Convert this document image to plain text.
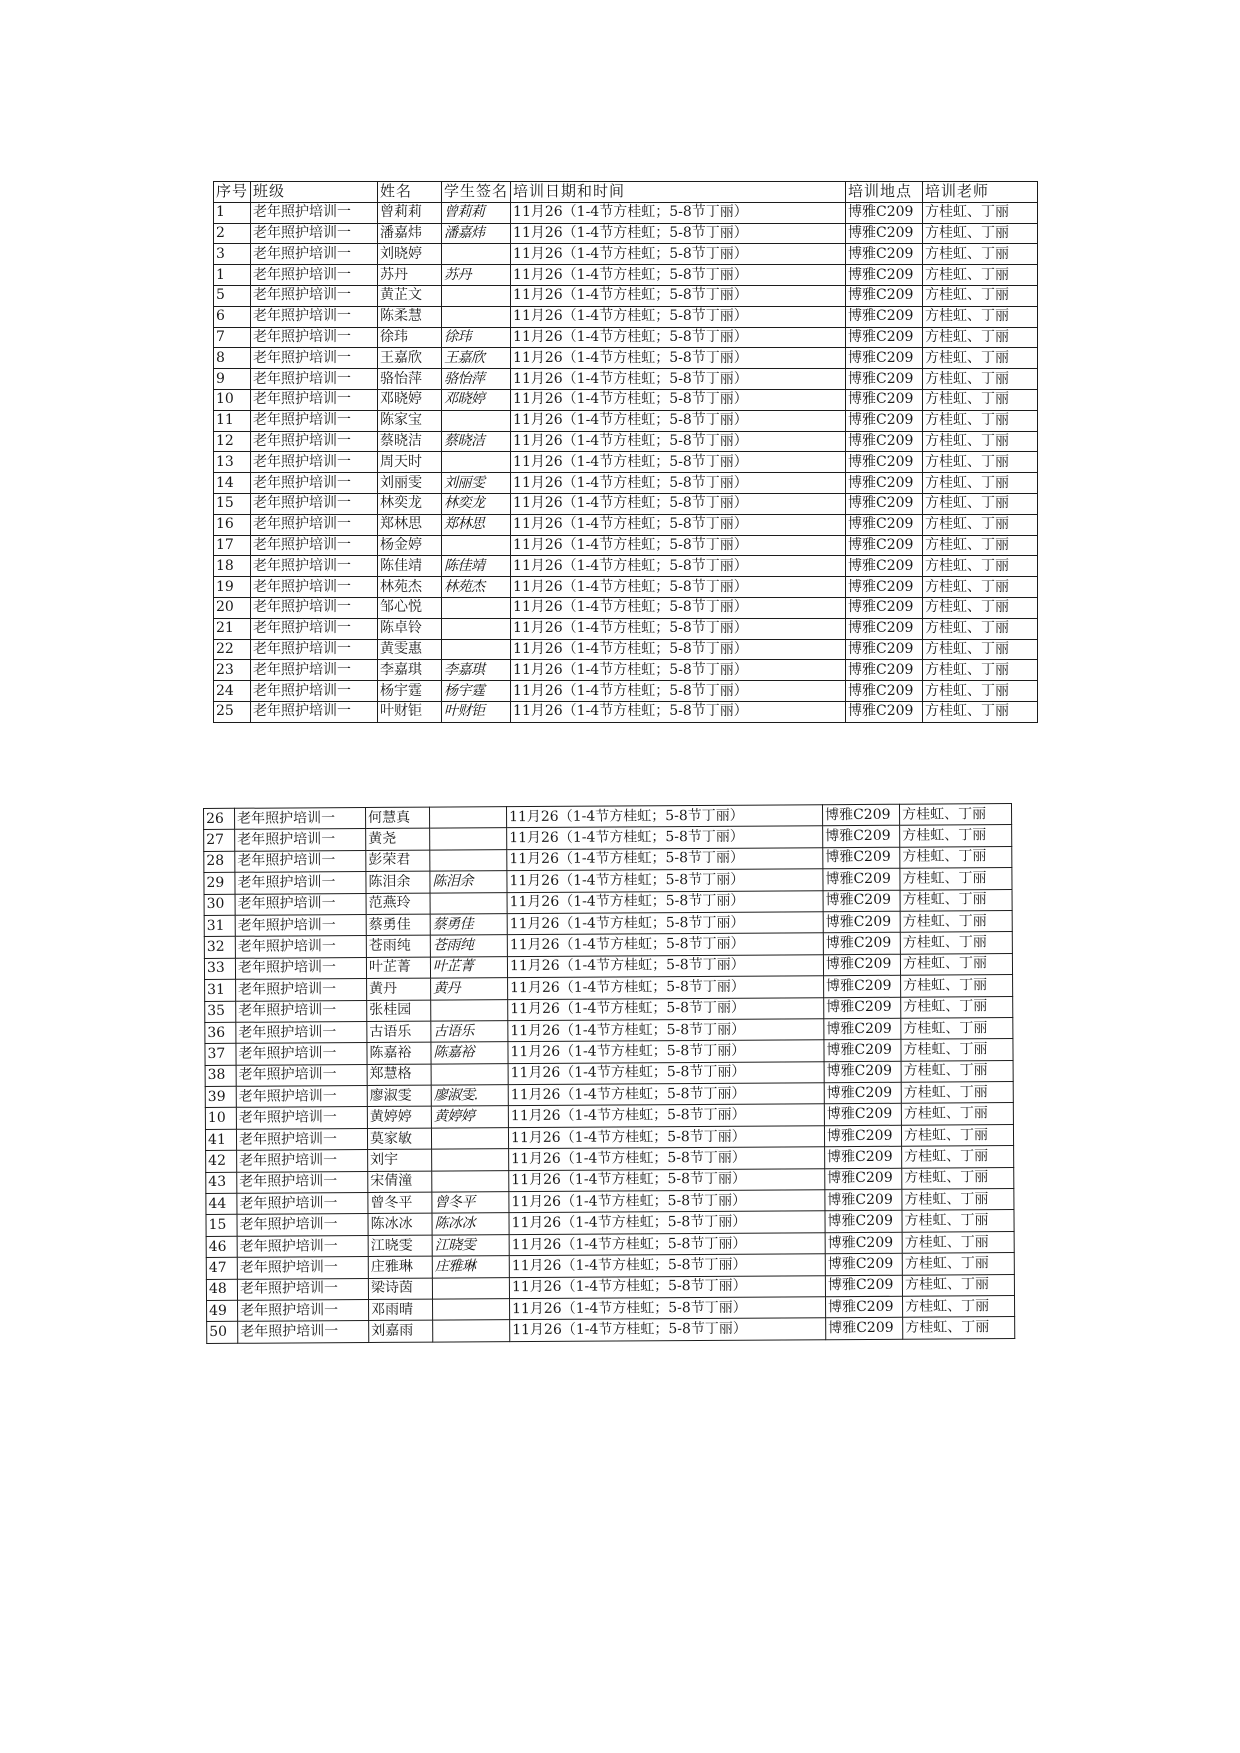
序号	班级	姓名	学生签名	培训日期和时间	培训地点	培训老师
1	老年照护培训一	曾莉莉	曾莉莉	11月26（1-4节方桂虹；5-8节丁丽）	博雅C209	方桂虹、丁丽
2	老年照护培训一	潘嘉炜	潘嘉炜	11月26（1-4节方桂虹；5-8节丁丽）	博雅C209	方桂虹、丁丽
3	老年照护培训一	刘晓婷		11月26（1-4节方桂虹；5-8节丁丽）	博雅C209	方桂虹、丁丽
1	老年照护培训一	苏丹	苏丹	11月26（1-4节方桂虹；5-8节丁丽）	博雅C209	方桂虹、丁丽
5	老年照护培训一	黄芷文		11月26（1-4节方桂虹；5-8节丁丽）	博雅C209	方桂虹、丁丽
6	老年照护培训一	陈柔慧		11月26（1-4节方桂虹；5-8节丁丽）	博雅C209	方桂虹、丁丽
7	老年照护培训一	徐玮	徐玮	11月26（1-4节方桂虹；5-8节丁丽）	博雅C209	方桂虹、丁丽
8	老年照护培训一	王嘉欣	王嘉欣	11月26（1-4节方桂虹；5-8节丁丽）	博雅C209	方桂虹、丁丽
9	老年照护培训一	骆怡萍	骆怡萍	11月26（1-4节方桂虹；5-8节丁丽）	博雅C209	方桂虹、丁丽
10	老年照护培训一	邓晓婷	邓晓婷	11月26（1-4节方桂虹；5-8节丁丽）	博雅C209	方桂虹、丁丽
11	老年照护培训一	陈家宝		11月26（1-4节方桂虹；5-8节丁丽）	博雅C209	方桂虹、丁丽
12	老年照护培训一	蔡晓洁	蔡晓洁	11月26（1-4节方桂虹；5-8节丁丽）	博雅C209	方桂虹、丁丽
13	老年照护培训一	周天时		11月26（1-4节方桂虹；5-8节丁丽）	博雅C209	方桂虹、丁丽
14	老年照护培训一	刘丽雯	刘丽雯	11月26（1-4节方桂虹；5-8节丁丽）	博雅C209	方桂虹、丁丽
15	老年照护培训一	林奕龙	林奕龙	11月26（1-4节方桂虹；5-8节丁丽）	博雅C209	方桂虹、丁丽
16	老年照护培训一	郑林思	郑林思	11月26（1-4节方桂虹；5-8节丁丽）	博雅C209	方桂虹、丁丽
17	老年照护培训一	杨金婷		11月26（1-4节方桂虹；5-8节丁丽）	博雅C209	方桂虹、丁丽
18	老年照护培训一	陈佳靖	陈佳靖	11月26（1-4节方桂虹；5-8节丁丽）	博雅C209	方桂虹、丁丽
19	老年照护培训一	林苑杰	林苑杰	11月26（1-4节方桂虹；5-8节丁丽）	博雅C209	方桂虹、丁丽
20	老年照护培训一	邹心悦		11月26（1-4节方桂虹；5-8节丁丽）	博雅C209	方桂虹、丁丽
21	老年照护培训一	陈卓铃		11月26（1-4节方桂虹；5-8节丁丽）	博雅C209	方桂虹、丁丽
22	老年照护培训一	黄雯惠		11月26（1-4节方桂虹；5-8节丁丽）	博雅C209	方桂虹、丁丽
23	老年照护培训一	李嘉琪	李嘉琪	11月26（1-4节方桂虹；5-8节丁丽）	博雅C209	方桂虹、丁丽
24	老年照护培训一	杨宇霆	杨宇霆	11月26（1-4节方桂虹；5-8节丁丽）	博雅C209	方桂虹、丁丽
25	老年照护培训一	叶财钜	叶财钜	11月26（1-4节方桂虹；5-8节丁丽）	博雅C209	方桂虹、丁丽
26	老年照护培训一	何慧真		11月26（1-4节方桂虹；5-8节丁丽）	博雅C209	方桂虹、丁丽
27	老年照护培训一	黄尧		11月26（1-4节方桂虹；5-8节丁丽）	博雅C209	方桂虹、丁丽
28	老年照护培训一	彭荣君		11月26（1-4节方桂虹；5-8节丁丽）	博雅C209	方桂虹、丁丽
29	老年照护培训一	陈泪余	陈泪余	11月26（1-4节方桂虹；5-8节丁丽）	博雅C209	方桂虹、丁丽
30	老年照护培训一	范燕玲		11月26（1-4节方桂虹；5-8节丁丽）	博雅C209	方桂虹、丁丽
31	老年照护培训一	蔡勇佳	蔡勇佳	11月26（1-4节方桂虹；5-8节丁丽）	博雅C209	方桂虹、丁丽
32	老年照护培训一	苍雨纯	苍雨纯	11月26（1-4节方桂虹；5-8节丁丽）	博雅C209	方桂虹、丁丽
33	老年照护培训一	叶芷菁	叶芷菁	11月26（1-4节方桂虹；5-8节丁丽）	博雅C209	方桂虹、丁丽
31	老年照护培训一	黄丹	黄丹	11月26（1-4节方桂虹；5-8节丁丽）	博雅C209	方桂虹、丁丽
35	老年照护培训一	张桂园		11月26（1-4节方桂虹；5-8节丁丽）	博雅C209	方桂虹、丁丽
36	老年照护培训一	古语乐	古语乐	11月26（1-4节方桂虹；5-8节丁丽）	博雅C209	方桂虹、丁丽
37	老年照护培训一	陈嘉裕	陈嘉裕	11月26（1-4节方桂虹；5-8节丁丽）	博雅C209	方桂虹、丁丽
38	老年照护培训一	郑慧格		11月26（1-4节方桂虹；5-8节丁丽）	博雅C209	方桂虹、丁丽
39	老年照护培训一	廖淑雯	廖淑雯.	11月26（1-4节方桂虹；5-8节丁丽）	博雅C209	方桂虹、丁丽
10	老年照护培训一	黄婷婷	黄婷婷	11月26（1-4节方桂虹；5-8节丁丽）	博雅C209	方桂虹、丁丽
41	老年照护培训一	莫家敏		11月26（1-4节方桂虹；5-8节丁丽）	博雅C209	方桂虹、丁丽
42	老年照护培训一	刘宇		11月26（1-4节方桂虹；5-8节丁丽）	博雅C209	方桂虹、丁丽
43	老年照护培训一	宋倩潼		11月26（1-4节方桂虹；5-8节丁丽）	博雅C209	方桂虹、丁丽
44	老年照护培训一	曾冬平	曾冬平	11月26（1-4节方桂虹；5-8节丁丽）	博雅C209	方桂虹、丁丽
15	老年照护培训一	陈冰冰	陈冰冰	11月26（1-4节方桂虹；5-8节丁丽）	博雅C209	方桂虹、丁丽
46	老年照护培训一	江晓雯	江晓雯	11月26（1-4节方桂虹；5-8节丁丽）	博雅C209	方桂虹、丁丽
47	老年照护培训一	庄雅琳	庄雅琳	11月26（1-4节方桂虹；5-8节丁丽）	博雅C209	方桂虹、丁丽
48	老年照护培训一	梁诗茵		11月26（1-4节方桂虹；5-8节丁丽）	博雅C209	方桂虹、丁丽
49	老年照护培训一	邓雨晴		11月26（1-4节方桂虹；5-8节丁丽）	博雅C209	方桂虹、丁丽
50	老年照护培训一	刘嘉雨		11月26（1-4节方桂虹；5-8节丁丽）	博雅C209	方桂虹、丁丽
